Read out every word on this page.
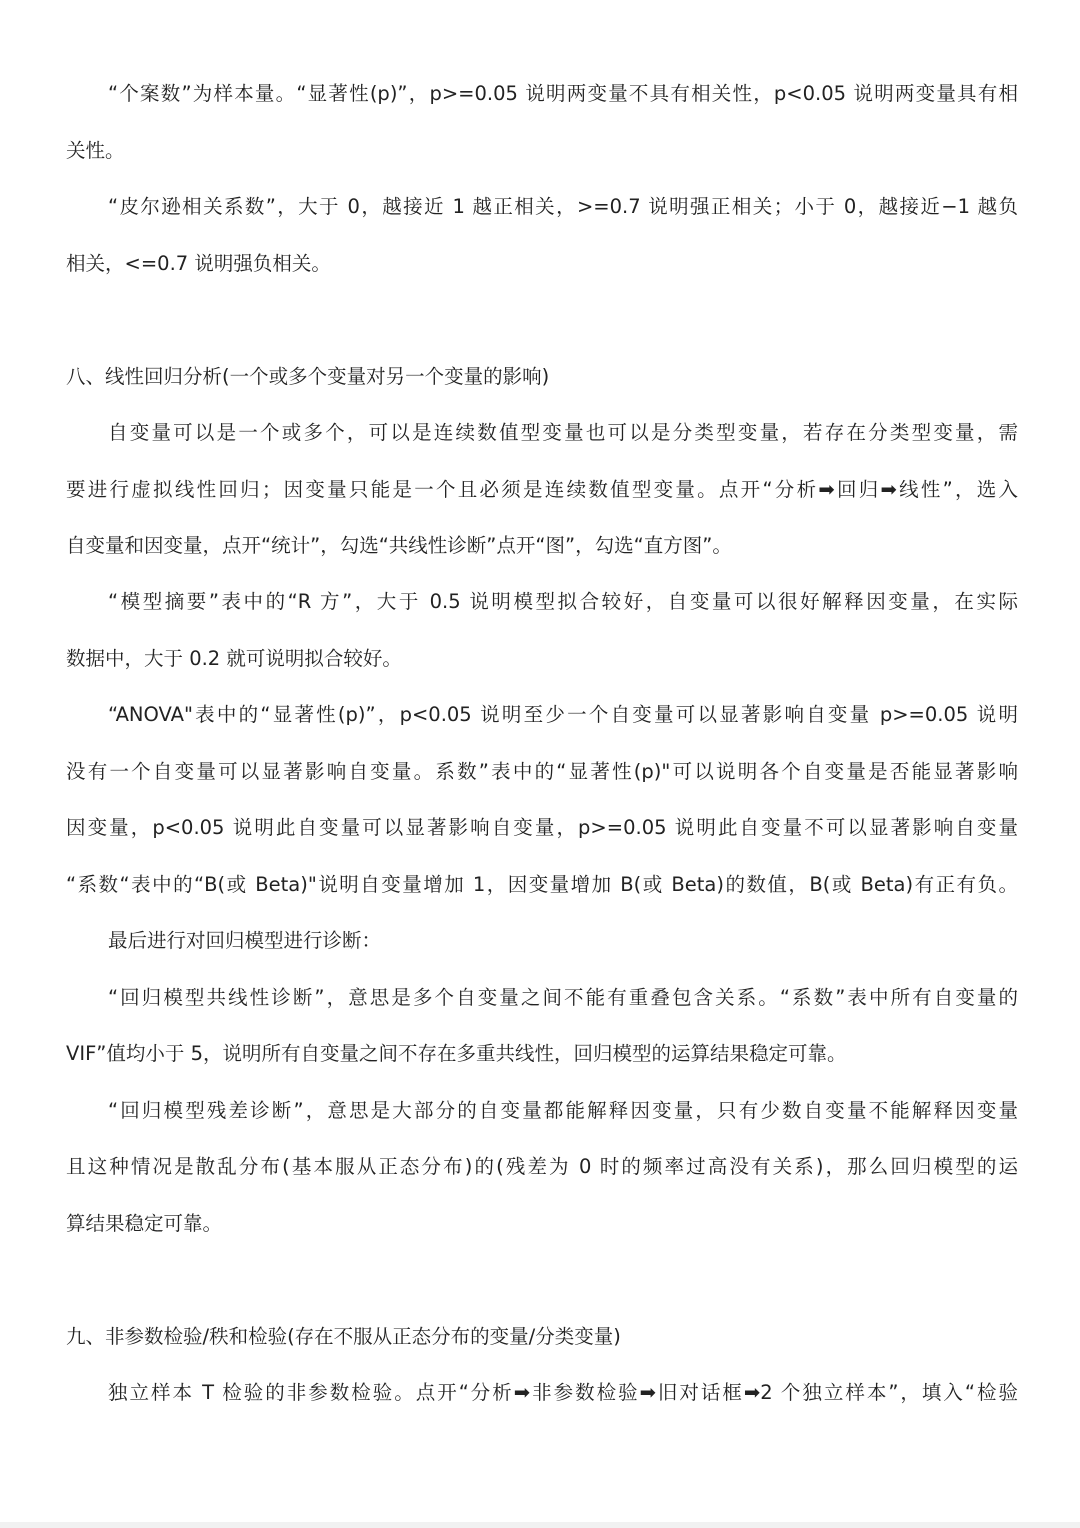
“个案数”为样本量。“显著性(p)”，p>=0.05 说明两变量不具有相关性，p<0.05 说明两变量具有相
关性。
“皮尔逊相关系数”，大于 0，越接近 1 越正相关，>=0.7 说明强正相关；小于 0，越接近−1 越负
相关，<=0.7 说明强负相关。
八、线性回归分析(一个或多个变量对另一个变量的影响)
自变量可以是一个或多个，可以是连续数值型变量也可以是分类型变量，若存在分类型变量，需
要进行虚拟线性回归；因变量只能是一个且必须是连续数值型变量。点开“分析➡回归➡线性”，选入
自变量和因变量，点开“统计”，勾选“共线性诊断”点开“图”，勾选“直方图”。
“模型摘要”表中的“R 方”，大于 0.5 说明模型拟合较好，自变量可以很好解释因变量，在实际
数据中，大于 0.2 就可说明拟合较好。
“ANOVA"表中的“显著性(p)”，p<0.05 说明至少一个自变量可以显著影响自变量 p>=0.05 说明
没有一个自变量可以显著影响自变量。系数”表中的“显著性(p)"可以说明各个自变量是否能显著影响
因变量，p<0.05 说明此自变量可以显著影响自变量，p>=0.05 说明此自变量不可以显著影响自变量
“系数“表中的“B(或 Beta)"说明自变量增加 1，因变量增加 B(或 Beta)的数值，B(或 Beta)有正有负。
最后进行对回归模型进行诊断：
“回归模型共线性诊断”，意思是多个自变量之间不能有重叠包含关系。“系数”表中所有自变量的
VIF”值均小于 5，说明所有自变量之间不存在多重共线性，回归模型的运算结果稳定可靠。
“回归模型残差诊断”，意思是大部分的自变量都能解释因变量，只有少数自变量不能解释因变量
且这种情况是散乱分布(基本服从正态分布)的(残差为 0 时的频率过高没有关系)，那么回归模型的运
算结果稳定可靠。
九、非参数检验/秩和检验(存在不服从正态分布的变量/分类变量)
独立样本 T 检验的非参数检验。点开“分析➡非参数检验➡旧对话框➡2 个独立样本”，填入“检验
